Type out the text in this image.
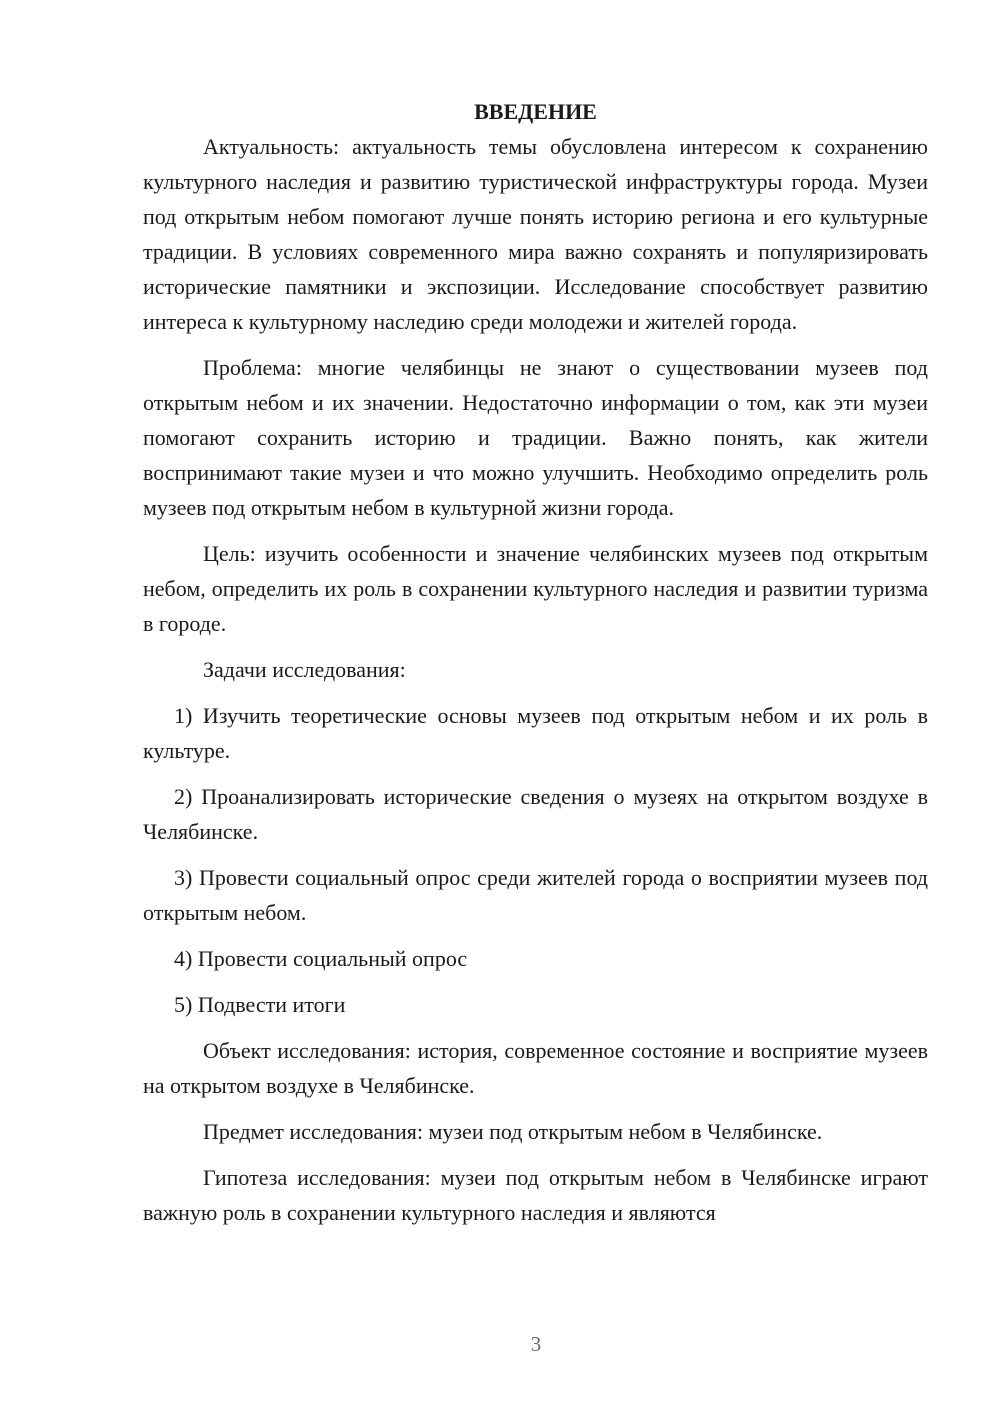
ВВЕДЕНИЕ

Актуальность: актуальность темы обусловлена интересом к сохранению культурного наследия и развитию туристической инфраструктуры города. Музеи под открытым небом помогают лучше понять историю региона и его культурные традиции. В условиях современного мира важно сохранять и популяризировать исторические памятники и экспозиции. Исследование способствует развитию интереса к культурному наследию среди молодежи и жителей города.

Проблема: многие челябинцы не знают о существовании музеев под открытым небом и их значении. Недостаточно информации о том, как эти музеи помогают сохранить историю и традиции. Важно понять, как жители воспринимают такие музеи и что можно улучшить. Необходимо определить роль музеев под открытым небом в культурной жизни города.

Цель: изучить особенности и значение челябинских музеев под открытым небом, определить их роль в сохранении культурного наследия и развитии туризма в городе.

Задачи исследования:

1) Изучить теоретические основы музеев под открытым небом и их роль в культуре.

2) Проанализировать исторические сведения о музеях на открытом воздухе в Челябинске.

3) Провести социальный опрос среди жителей города о восприятии музеев под открытым небом.

4) Провести социальный опрос

5) Подвести итоги

Объект исследования: история, современное состояние и восприятие музеев на открытом воздухе в Челябинске.

Предмет исследования: музеи под открытым небом в Челябинске.

Гипотеза исследования: музеи под открытым небом в Челябинске играют важную роль в сохранении культурного наследия и являются

3
